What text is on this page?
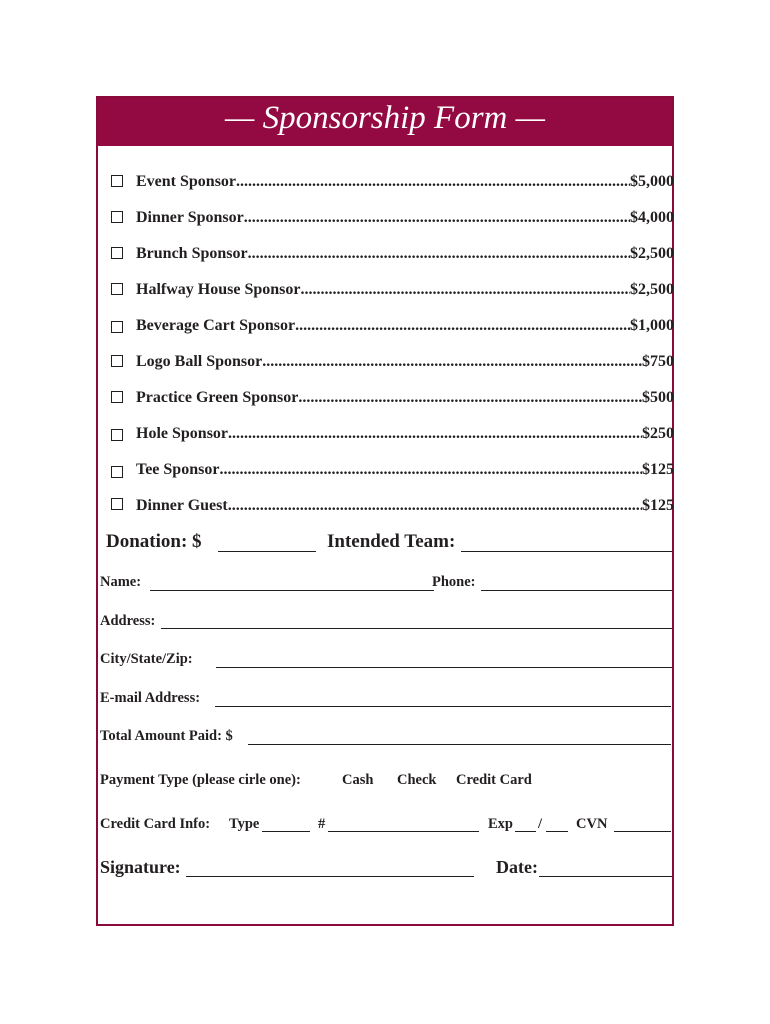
— Sponsorship Form —
Event Sponsor .....	$5,000
Dinner Sponsor .....	$4,000
Brunch Sponsor .....	$2,500
Halfway House Sponsor .....	$2,500
Beverage Cart Sponsor .....	$1,000
Logo Ball Sponsor .....	$750
Practice Green Sponsor .....	$500
Hole Sponsor .....	$250
Tee Sponsor .....	$125
Dinner Guest .....	$125
Donation: $	Intended Team:
Name:	Phone:
Address:
City/State/Zip:
E-mail Address:
Total Amount Paid: $
Payment Type (please cirle one):	Cash Check Credit Card
Credit Card Info: Type	#	Exp / CVN
Signature:	Date:
